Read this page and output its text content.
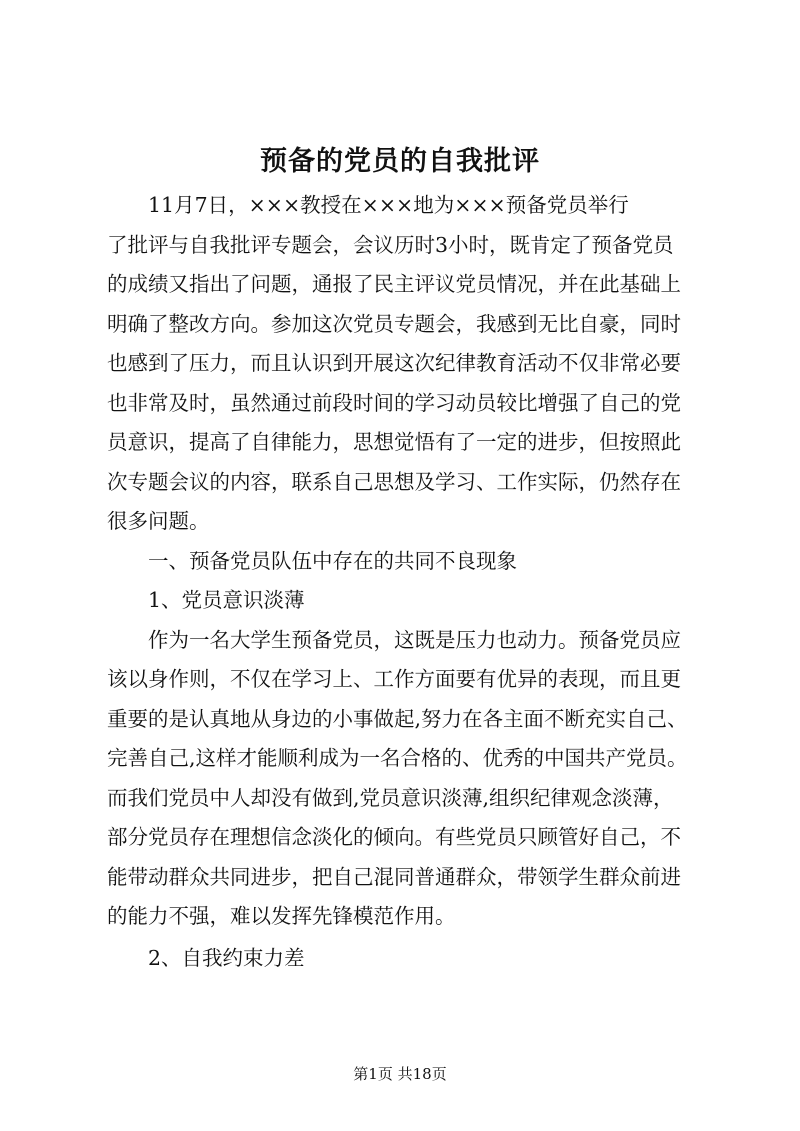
预备的党员的自我批评
11月7日，×××教授在×××地为×××预备党员举行
了批评与自我批评专题会，会议历时3小时，既肯定了预备党员
的成绩又指出了问题，通报了民主评议党员情况，并在此基础上
明确了整改方向。参加这次党员专题会，我感到无比自豪，同时
也感到了压力，而且认识到开展这次纪律教育活动不仅非常必要
也非常及时，虽然通过前段时间的学习动员较比增强了自己的党
员意识，提高了自律能力，思想觉悟有了一定的进步，但按照此
次专题会议的内容，联系自己思想及学习、工作实际，仍然存在
很多问题。
一、预备党员队伍中存在的共同不良现象
1、党员意识淡薄
作为一名大学生预备党员，这既是压力也动力。预备党员应
该以身作则，不仅在学习上、工作方面要有优异的表现，而且更
重要的是认真地从身边的小事做起,努力在各主面不断充实自己、
完善自己,这样才能顺利成为一名合格的、优秀的中国共产党员。
而我们党员中人却没有做到,党员意识淡薄,组织纪律观念淡薄，
部分党员存在理想信念淡化的倾向。有些党员只顾管好自己，不
能带动群众共同进步，把自己混同普通群众，带领学生群众前进
的能力不强，难以发挥先锋模范作用。
2、自我约束力差
第1页 共18页
